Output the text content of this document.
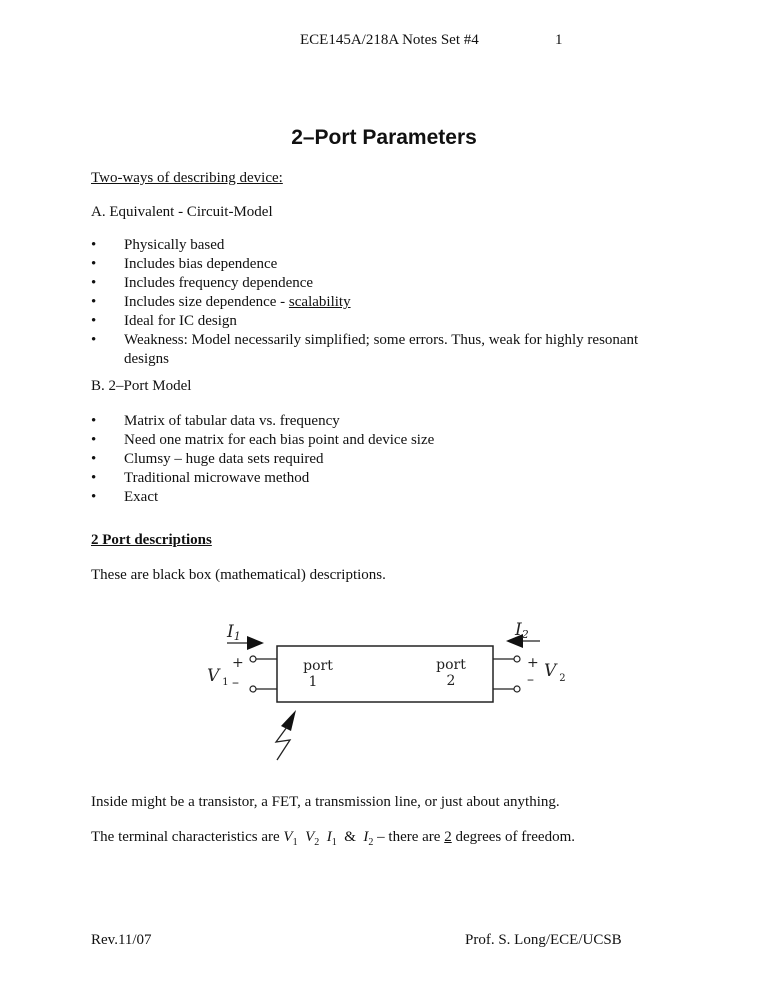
ECE145A/218A Notes Set #4	1
2–Port Parameters
Two-ways of describing device:
A. Equivalent - Circuit-Model
• Physically based
• Includes bias dependence
• Includes frequency dependence
• Includes size dependence - scalability
• Ideal for IC design
• Weakness: Model necessarily simplified; some errors. Thus, weak for highly resonant designs
B. 2–Port Model
• Matrix of tabular data vs. frequency
• Need one matrix for each bias point and device size
• Clumsy – huge data sets required
• Traditional microwave method
• Exact
2 Port descriptions
These are black box (mathematical) descriptions.
I1	I2
V $_1$
+
–
+
– V $_2$
port
1
port
2
Inside might be a transistor, a FET, a transmission line, or just about anything.
The terminal characteristics are $V_1$ $V_2$ $I_1$ & $I_2$ – there are 2 degrees of freedom.
Rev.11/07	Prof. S. Long/ECE/UCSB
